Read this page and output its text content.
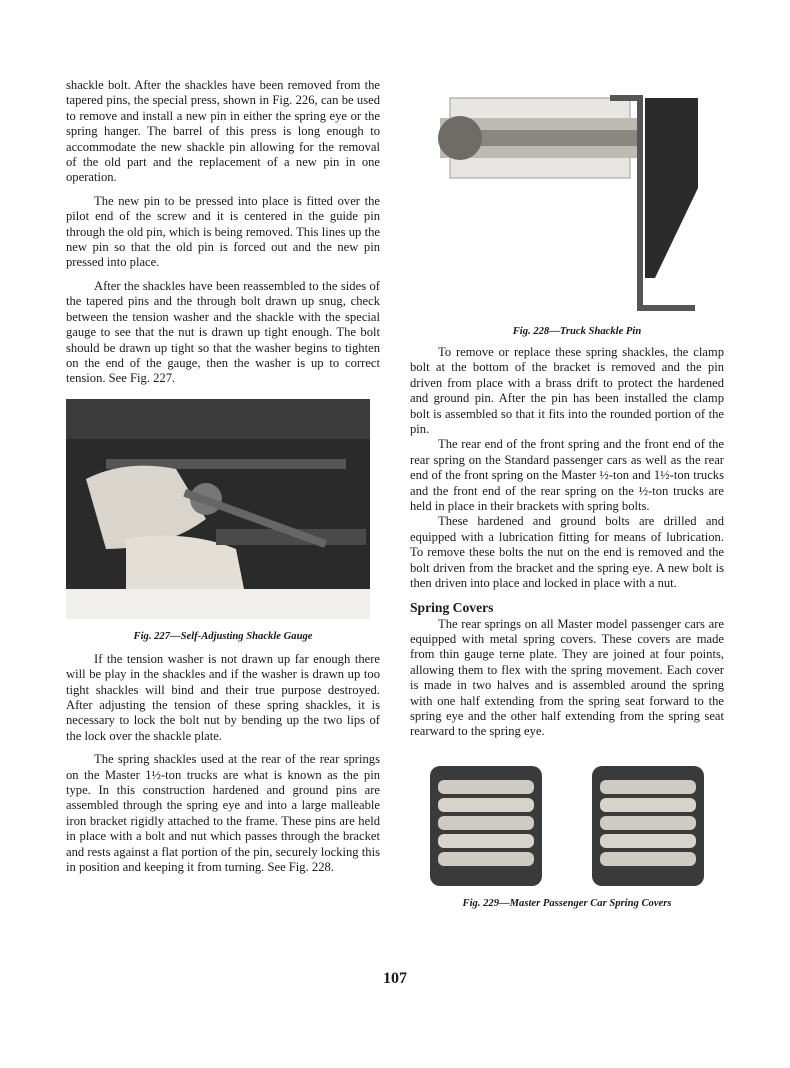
shackle bolt. After the shackles have been removed from the tapered pins, the special press, shown in Fig. 226, can be used to remove and install a new pin in either the spring eye or the spring hanger. The barrel of this press is long enough to accommodate the new shackle pin allowing for the removal of the old part and the replacement of a new pin in one operation.

The new pin to be pressed into place is fitted over the pilot end of the screw and it is centered in the guide pin through the old pin, which is being removed. This lines up the new pin so that the old pin is forced out and the new pin pressed into place.

After the shackles have been reassembled to the sides of the tapered pins and the through bolt drawn up snug, check between the tension washer and the shackle with the special gauge to see that the nut is drawn up tight enough. The bolt should be drawn up tight so that the washer begins to tighten on the end of the gauge, then the washer is up to correct tension. See Fig. 227.

Fig. 227—Self-Adjusting Shackle Gauge

If the tension washer is not drawn up far enough there will be play in the shackles and if the washer is drawn up too tight shackles will bind and their true purpose destroyed. After adjusting the tension of these spring shackles, it is necessary to lock the bolt nut by bending up the two lips of the lock over the shackle plate.

The spring shackles used at the rear of the rear springs on the Master 1½-ton trucks are what is known as the pin type. In this construction hardened and ground pins are assembled through the spring eye and into a large malleable iron bracket rigidly attached to the frame. These pins are held in place with a bolt and nut which passes through the bracket and rests against a flat portion of the pin, securely locking this in position and keeping it from turning. See Fig. 228.

Fig. 228—Truck Shackle Pin

To remove or replace these spring shackles, the clamp bolt at the bottom of the bracket is removed and the pin driven from place with a brass drift to protect the hardened and ground pin. After the pin has been installed the clamp bolt is assembled so that it fits into the rounded portion of the pin.

The rear end of the front spring and the front end of the rear spring on the Standard passenger cars as well as the rear end of the front spring on the Master ½-ton and 1½-ton trucks and the front end of the rear spring on the ½-ton trucks are held in place in their brackets with spring bolts.

These hardened and ground bolts are drilled and equipped with a lubrication fitting for means of lubrication. To remove these bolts the nut on the end is removed and the bolt driven from the bracket and the spring eye. A new bolt is then driven into place and locked in place with a nut.

Spring Covers

The rear springs on all Master model passenger cars are equipped with metal spring covers. These covers are made from thin gauge terne plate. They are joined at four points, allowing them to flex with the spring movement. Each cover is made in two halves and is assembled around the spring with one half extending from the spring seat forward to the spring eye and the other half extending from the spring seat rearward to the spring eye.

Fig. 229—Master Passenger Car Spring Covers
107
